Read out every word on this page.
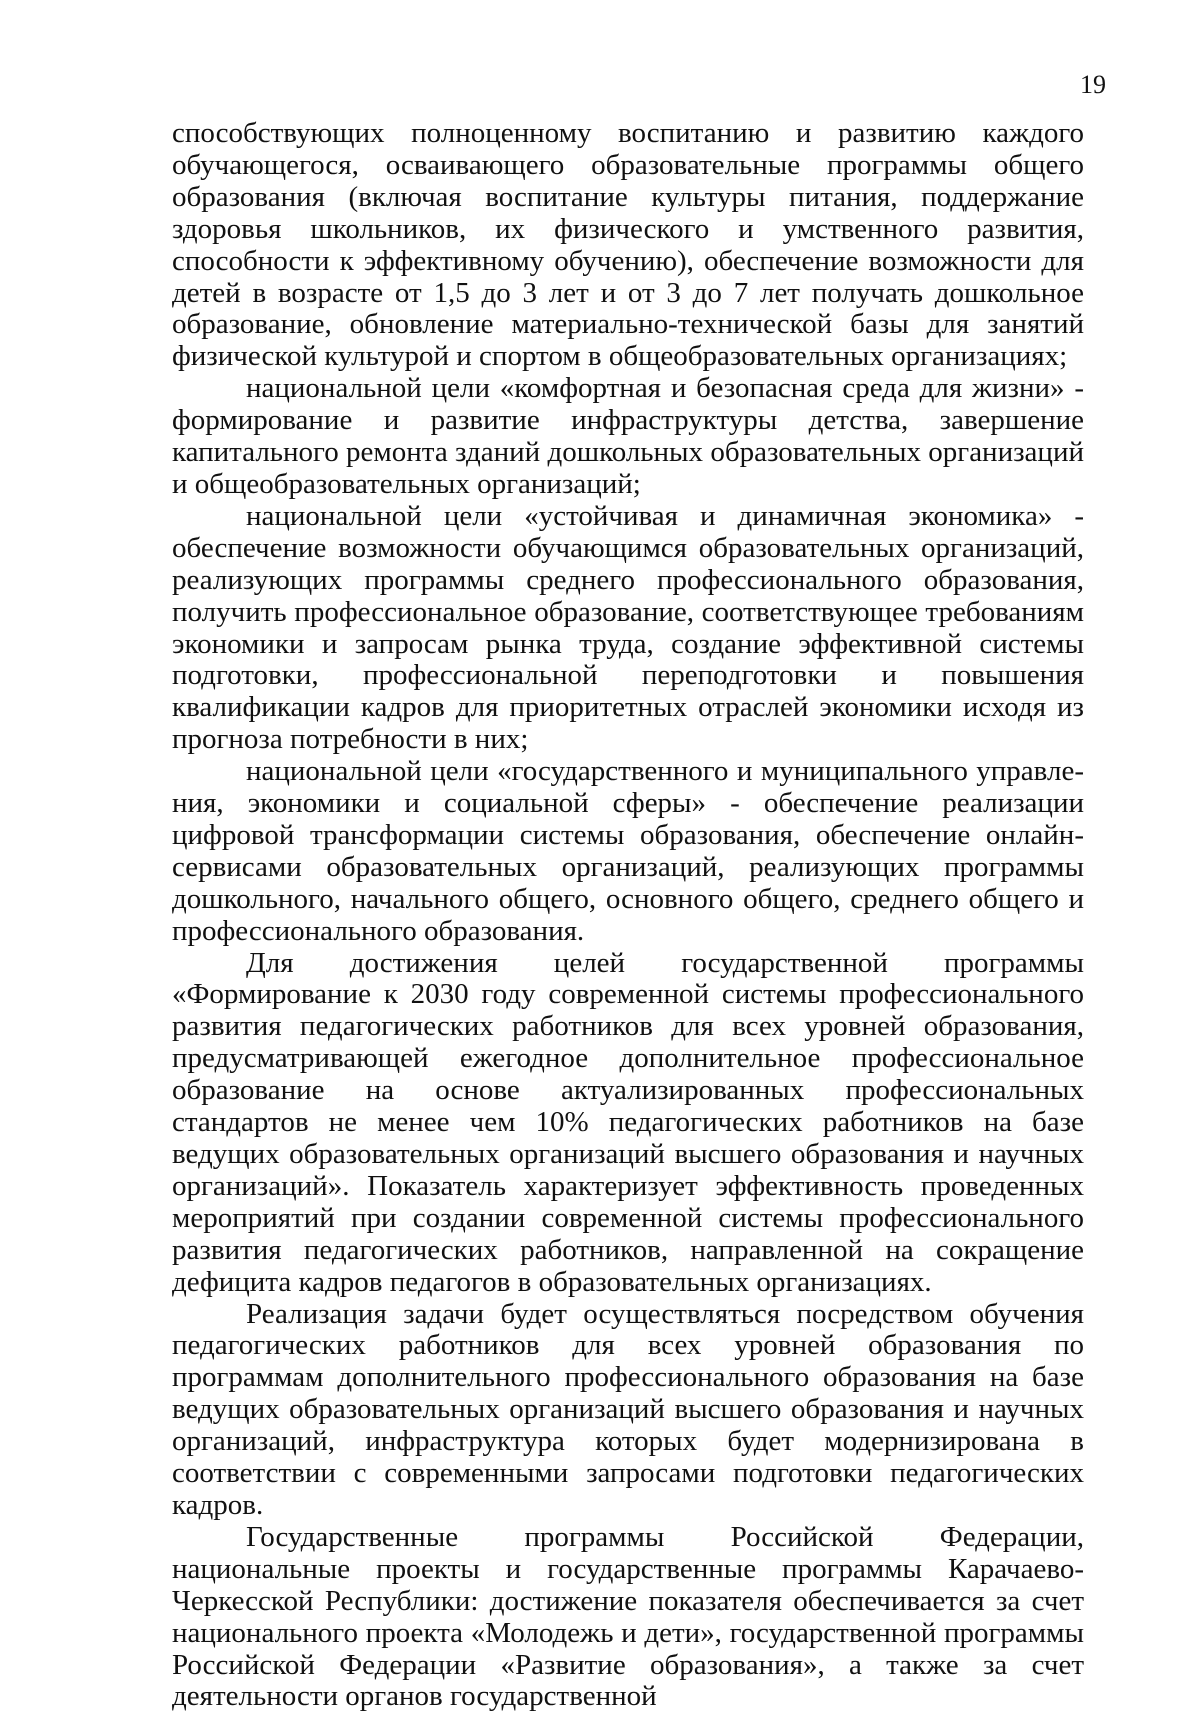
19

способствующих полноценному воспитанию и развитию каждого обучающегося, осваивающего образовательные программы общего образования (включая воспитание культуры питания, поддержание здоровья школьников, их физического и умственного развития, способности к эффективному обучению), обеспечение возможности для детей в возрасте от 1,5 до 3 лет и от 3 до 7 лет получать дошкольное образование, обновление материально-технической базы для занятий физической культурой и спортом в общеобразовательных организациях;

национальной цели «комфортная и безопасная среда для жизни» - формирование и развитие инфраструктуры детства, завершение капитального ремонта зданий дошкольных образовательных организаций и общеобразовательных организаций;

национальной цели «устойчивая и динамичная экономика» - обеспечение возможности обучающимся образовательных организаций, реализующих программы среднего профессионального образования, получить профессиональное образование, соответствующее требованиям экономики и запросам рынка труда, создание эффективной системы подготовки, профессиональной переподготовки и повышения квалификации кадров для приоритетных отраслей экономики исходя из прогноза потребности в них;

национальной цели «государственного и муниципального управления, экономики и социальной сферы» - обеспечение реализации цифровой трансформации системы образования, обеспечение онлайн-сервисами образовательных организаций, реализующих программы дошкольного, начального общего, основного общего, среднего общего и профессионального образования.

Для достижения целей государственной программы «Формирование к 2030 году современной системы профессионального развития педагогических работников для всех уровней образования, предусматривающей ежегодное дополнительное профессиональное образование на основе актуализированных профессиональных стандартов не менее чем 10% педагогических работников на базе ведущих образовательных организаций высшего образования и научных организаций». Показатель характеризует эффективность проведенных мероприятий при создании современной системы профессионального развития педагогических работников, направленной на сокращение дефицита кадров педагогов в образовательных организациях.

Реализация задачи будет осуществляться посредством обучения педагогических работников для всех уровней образования по программам дополнительного профессионального образования на базе ведущих образовательных организаций высшего образования и научных организаций, инфраструктура которых будет модернизирована в соответствии с современными запросами подготовки педагогических кадров.

Государственные программы Российской Федерации, национальные проекты и государственные программы Карачаево-Черкесской Республики: достижение показателя обеспечивается за счет национального проекта «Молодежь и дети», государственной программы Российской Федерации «Развитие образования», а также за счет деятельности органов государственной
